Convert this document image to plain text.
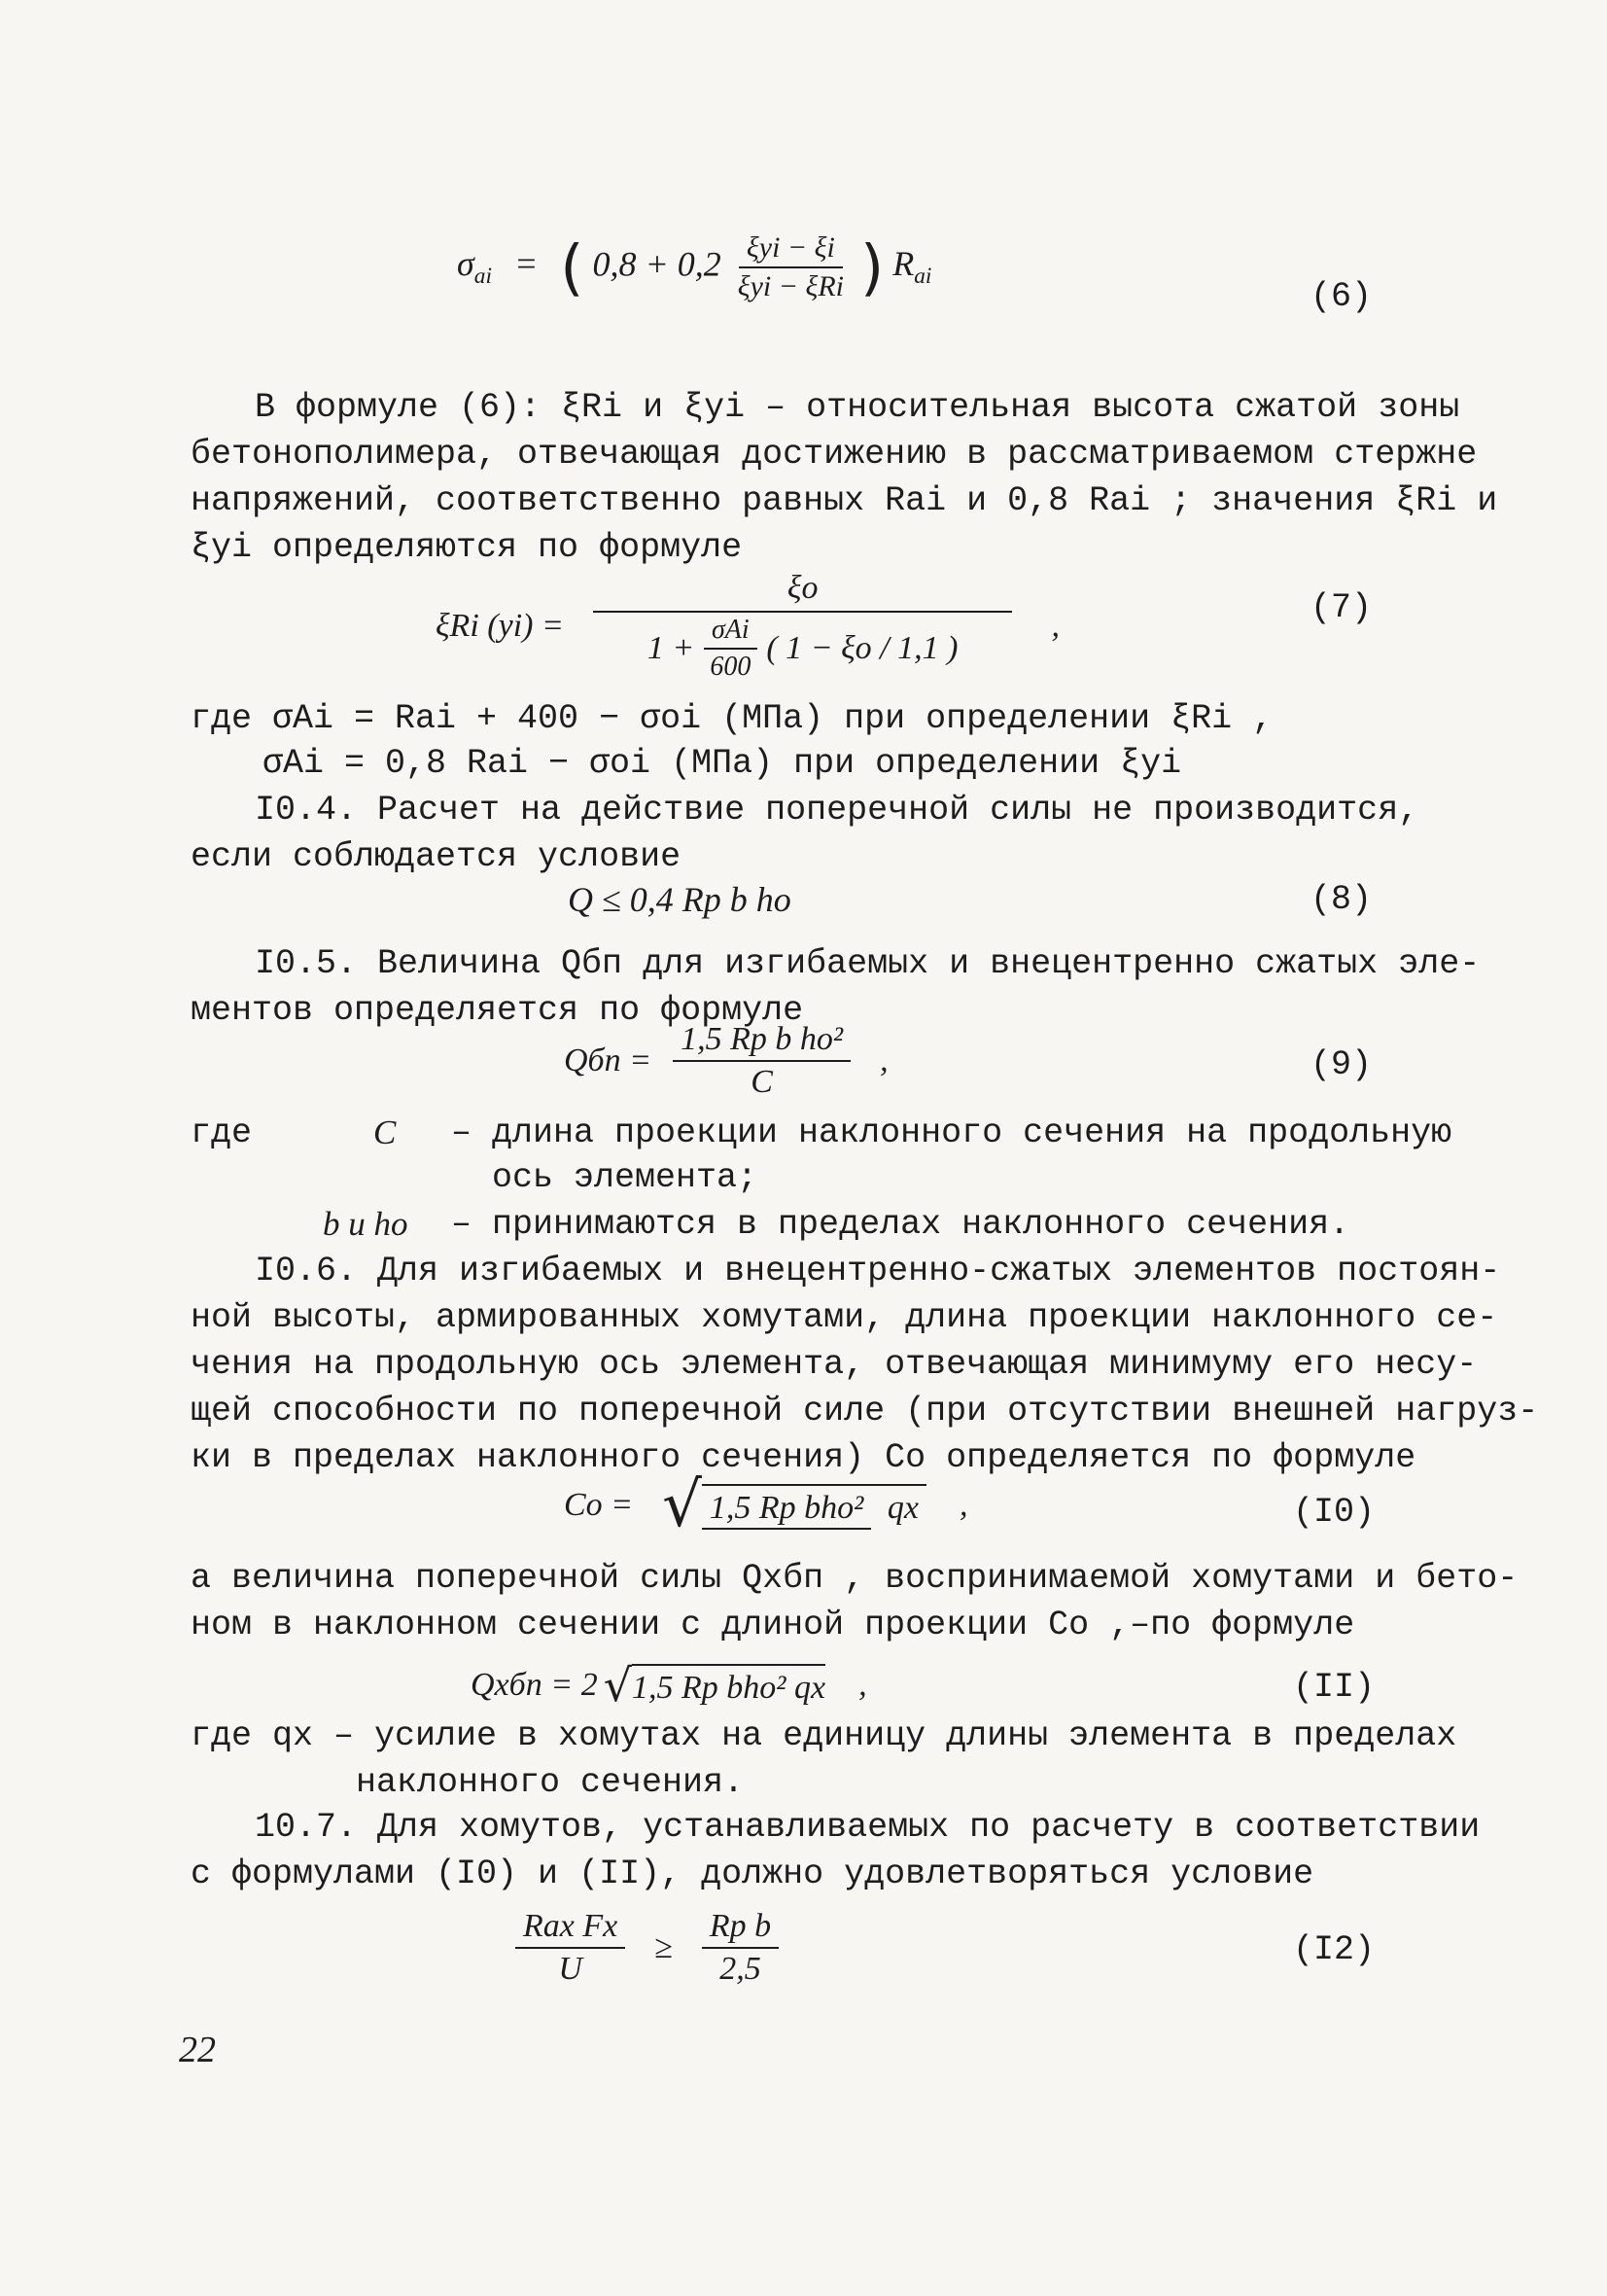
$\sigma_{ai}$ = ( $0,8 + 0,2 \frac{\text{ξyi − ξi}}{\text{ξyi − ξRi}}$ ) $R_{ai}$
(6)
В формуле (6): ξRi и ξyi – относительная высота сжатой зоны
бетонополимера, отвечающая достижению в рассматриваемом стержне
напряжений, соответственно равных Rai и 0,8 Rai ; значения ξRi и
ξyi определяются по формуле
ξRi (yi) =
ξo
$1 + \frac{\text{σAi}}{600}$ ( 1 − ξo / 1,1 )
,	(7)
где σAi = Rai + 400 − σoi (МПа) при определении ξRi ,
σAi = 0,8 Rai − σoi (МПа) при определении ξyi
I0.4. Расчет на действие поперечной силы не производится,
если соблюдается условие
Q ≤ 0,4 Rp b ho	(8)
I0.5. Величина Qбп для изгибаемых и внецентренно сжатых эле-
ментов определяется по формуле
Qбп = $\frac{\text{1,5 Rp b ho²}}{C}$ ,	(9)
где	C – длина проекции наклонного сечения на продольную
ось элемента;
b и ho – принимаются в пределах наклонного сечения.
I0.6. Для изгибаемых и внецентренно-сжатых элементов постоян-
ной высоты, армированных хомутами, длина проекции наклонного се-
чения на продольную ось элемента, отвечающая минимуму его несу-
щей способности по поперечной силе (при отсутствии внешней нагруз-
ки в пределах наклонного сечения) Co определяется по формуле
Co = √ 1,5 Rp bho² qx ,	(I0)
а величина поперечной силы Qxбп , воспринимаемой хомутами и бето-
ном в наклонном сечении с длиной проекции Co ,–по формуле
Qxбп = 2 √ 1,5 Rp bho² qx ,	(II)
где qx – усилие в хомутах на единицу длины элемента в пределах
наклонного сечения.
10.7. Для хомутов, устанавливаемых по расчету в соответствии
с формулами (I0) и (II), должно удовлетворяться условие
$\frac{\text{Rax Fx}}{U} \ge \frac{\text{Rp b}}{2,5}$	(I2)
22
